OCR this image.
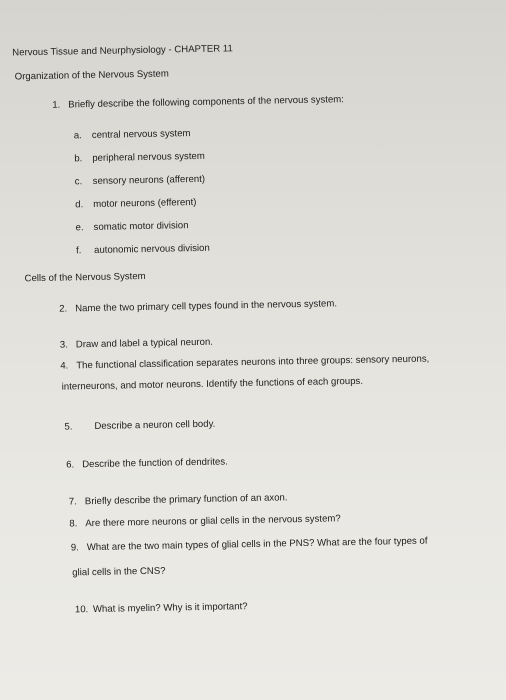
Nervous Tissue and Neurphysiology - CHAPTER 11
Organization of the Nervous System
1. Briefly describe the following components of the nervous system:
a. central nervous system
b. peripheral nervous system
c. sensory neurons (afferent)
d. motor neurons (efferent)
e. somatic motor division
f. autonomic nervous division
Cells of the Nervous System
2. Name the two primary cell types found in the nervous system.
3. Draw and label a typical neuron.
4. The functional classification separates neurons into three groups: sensory neurons,
interneurons, and motor neurons. Identify the functions of each groups.
5. Describe a neuron cell body.
6. Describe the function of dendrites.
7. Briefly describe the primary function of an axon.
8. Are there more neurons or glial cells in the nervous system?
9. What are the two main types of glial cells in the PNS? What are the four types of
glial cells in the CNS?
10. What is myelin? Why is it important?
